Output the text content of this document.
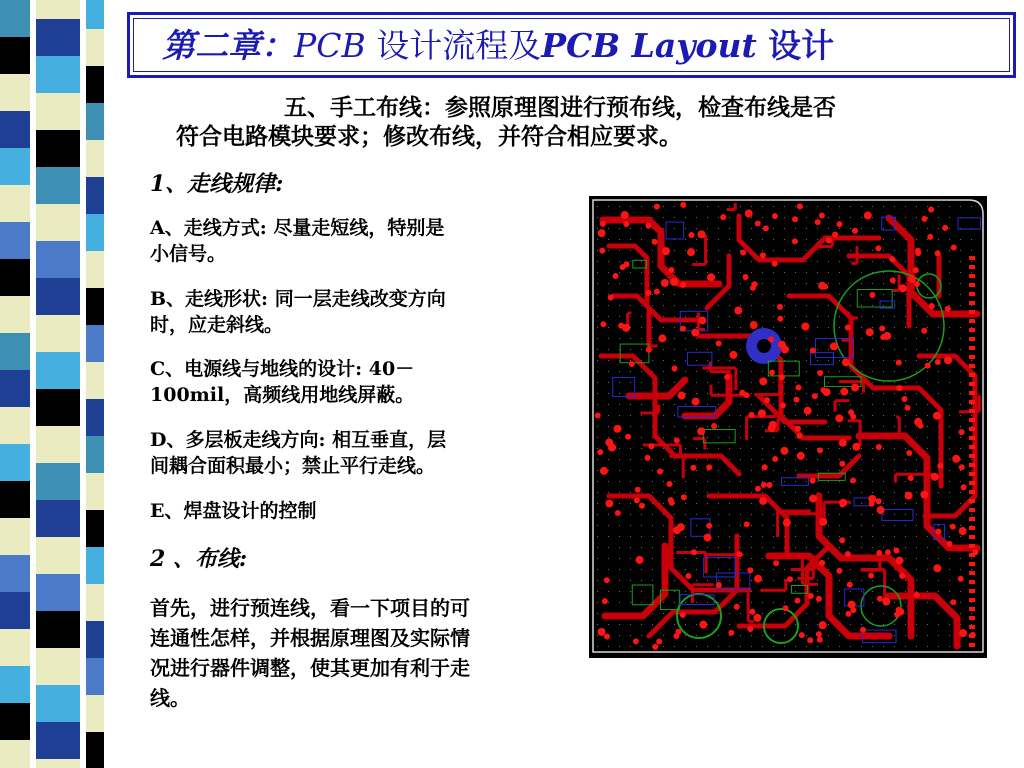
第二章：PCB 设计流程及PCB Layout 设计
五、手工布线：参照原理图进行预布线，检查布线是否
符合电路模块要求；修改布线，并符合相应要求。
1、走线规律:
A、走线方式: 尽量走短线，特别是
小信号。
B、走线形状: 同一层走线改变方向
时，应走斜线。
C、电源线与地线的设计: 40－
100mil，高频线用地线屏蔽。
D、多层板走线方向: 相互垂直，层
间耦合面积最小；禁止平行走线。
E、焊盘设计的控制
2 、布线:
首先，进行预连线，看一下项目的可
连通性怎样，并根据原理图及实际情
况进行器件调整，使其更加有利于走
线。
